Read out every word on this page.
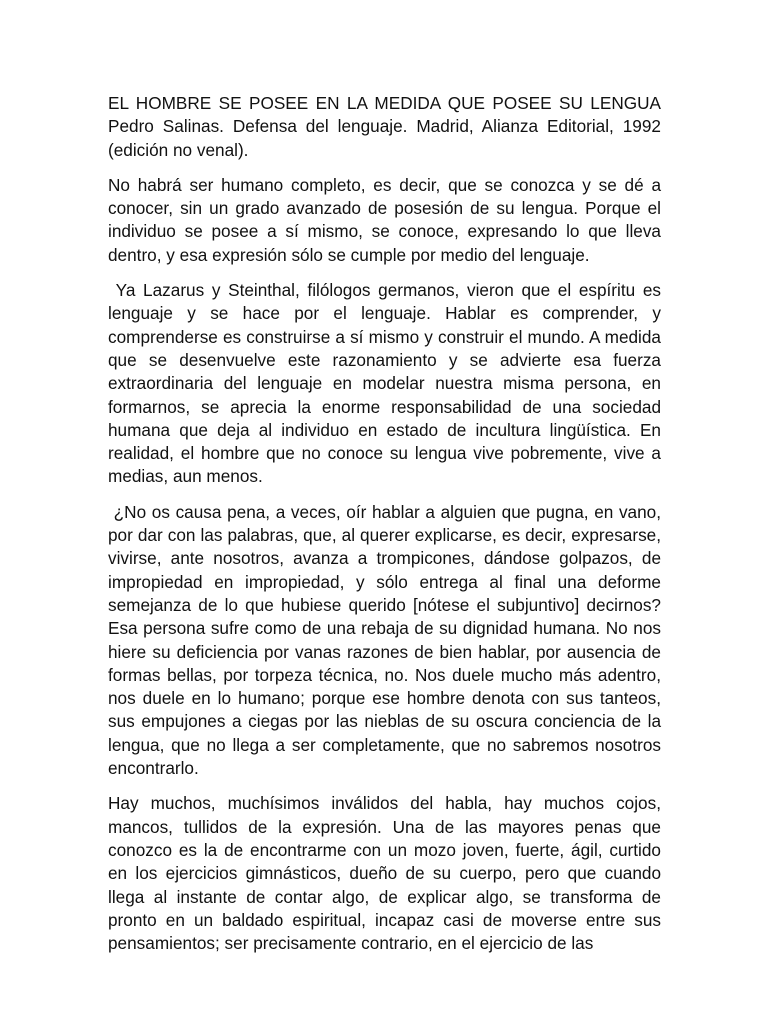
EL HOMBRE SE POSEE EN LA MEDIDA QUE POSEE SU LENGUA
Pedro Salinas. Defensa del lenguaje. Madrid, Alianza Editorial, 1992 (edición no venal).

No habrá ser humano completo, es decir, que se conozca y se dé a conocer, sin un grado avanzado de posesión de su lengua. Porque el individuo se posee a sí mismo, se conoce, expresando lo que lleva dentro, y esa expresión sólo se cumple por medio del lenguaje.

Ya Lazarus y Steinthal, filólogos germanos, vieron que el espíritu es lenguaje y se hace por el lenguaje. Hablar es comprender, y comprenderse es construirse a sí mismo y construir el mundo. A medida que se desenvuelve este razonamiento y se advierte esa fuerza extraordinaria del lenguaje en modelar nuestra misma persona, en formarnos, se aprecia la enorme responsabilidad de una sociedad humana que deja al individuo en estado de incultura lingüística. En realidad, el hombre que no conoce su lengua vive pobremente, vive a medias, aun menos.

¿No os causa pena, a veces, oír hablar a alguien que pugna, en vano, por dar con las palabras, que, al querer explicarse, es decir, expresarse, vivirse, ante nosotros, avanza a trompicones, dándose golpazos, de impropiedad en impropiedad, y sólo entrega al final una deforme semejanza de lo que hubiese querido [nótese el subjuntivo] decirnos? Esa persona sufre como de una rebaja de su dignidad humana. No nos hiere su deficiencia por vanas razones de bien hablar, por ausencia de formas bellas, por torpeza técnica, no. Nos duele mucho más adentro, nos duele en lo humano; porque ese hombre denota con sus tanteos, sus empujones a ciegas por las nieblas de su oscura conciencia de la lengua, que no llega a ser completamente, que no sabremos nosotros encontrarlo.

Hay muchos, muchísimos inválidos del habla, hay muchos cojos, mancos, tullidos de la expresión. Una de las mayores penas que conozco es la de encontrarme con un mozo joven, fuerte, ágil, curtido en los ejercicios gimnásticos, dueño de su cuerpo, pero que cuando llega al instante de contar algo, de explicar algo, se transforma de pronto en un baldado espiritual, incapaz casi de moverse entre sus pensamientos; ser precisamente contrario, en el ejercicio de las
